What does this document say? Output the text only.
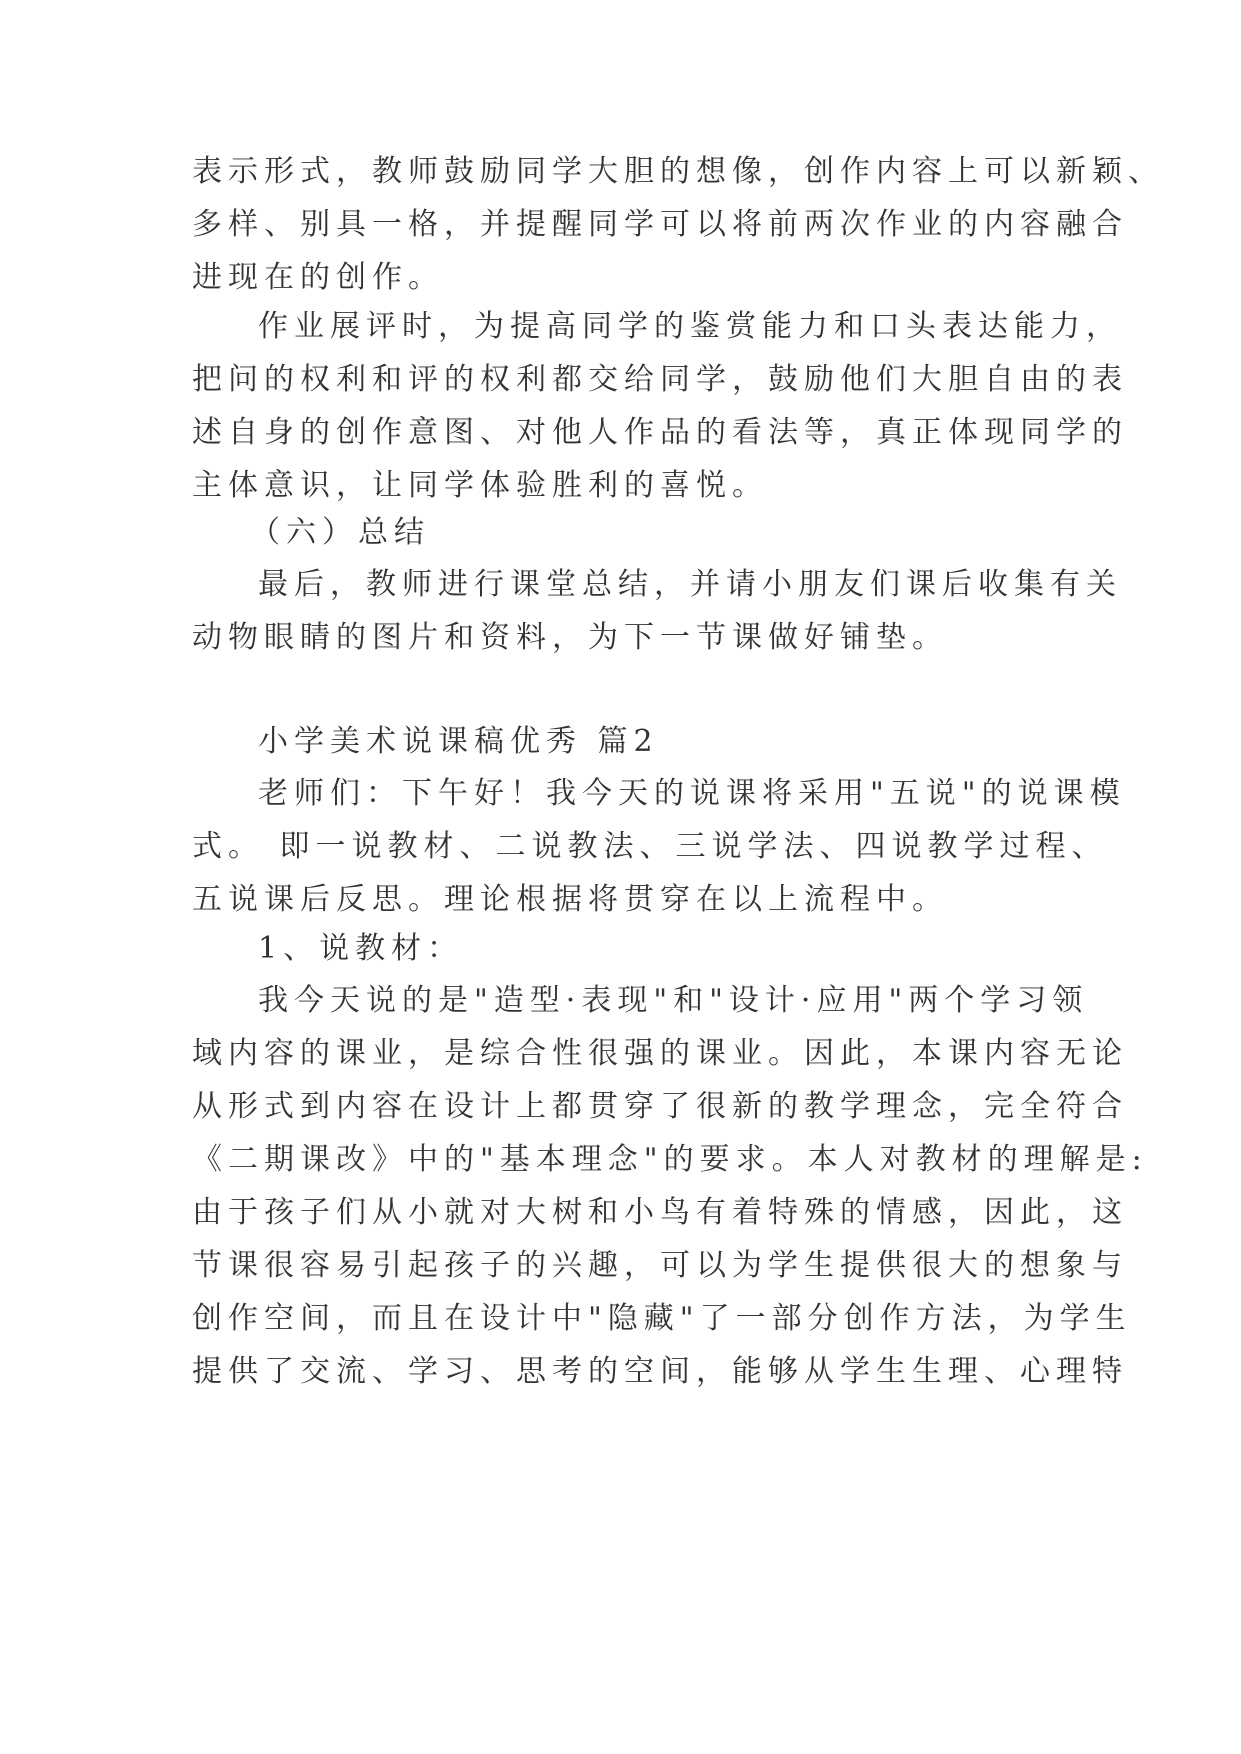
表示形式，教师鼓励同学大胆的想像，创作内容上可以新颖、
多样、别具一格，并提醒同学可以将前两次作业的内容融合
进现在的创作。
作业展评时，为提高同学的鉴赏能力和口头表达能力，
把问的权利和评的权利都交给同学，鼓励他们大胆自由的表
述自身的创作意图、对他人作品的看法等，真正体现同学的
主体意识，让同学体验胜利的喜悦。
（六）总结
最后，教师进行课堂总结，并请小朋友们课后收集有关
动物眼睛的图片和资料，为下一节课做好铺垫。
小学美术说课稿优秀 篇2
老师们：下午好！我今天的说课将采用"五说"的说课模
式。 即一说教材、二说教法、三说学法、四说教学过程、
五说课后反思。理论根据将贯穿在以上流程中。
1、说教材：
我今天说的是"造型·表现"和"设计·应用"两个学习领
域内容的课业，是综合性很强的课业。因此，本课内容无论
从形式到内容在设计上都贯穿了很新的教学理念，完全符合
《二期课改》中的"基本理念"的要求。本人对教材的理解是:
由于孩子们从小就对大树和小鸟有着特殊的情感，因此，这
节课很容易引起孩子的兴趣，可以为学生提供很大的想象与
创作空间，而且在设计中"隐藏"了一部分创作方法，为学生
提供了交流、学习、思考的空间，能够从学生生理、心理特
